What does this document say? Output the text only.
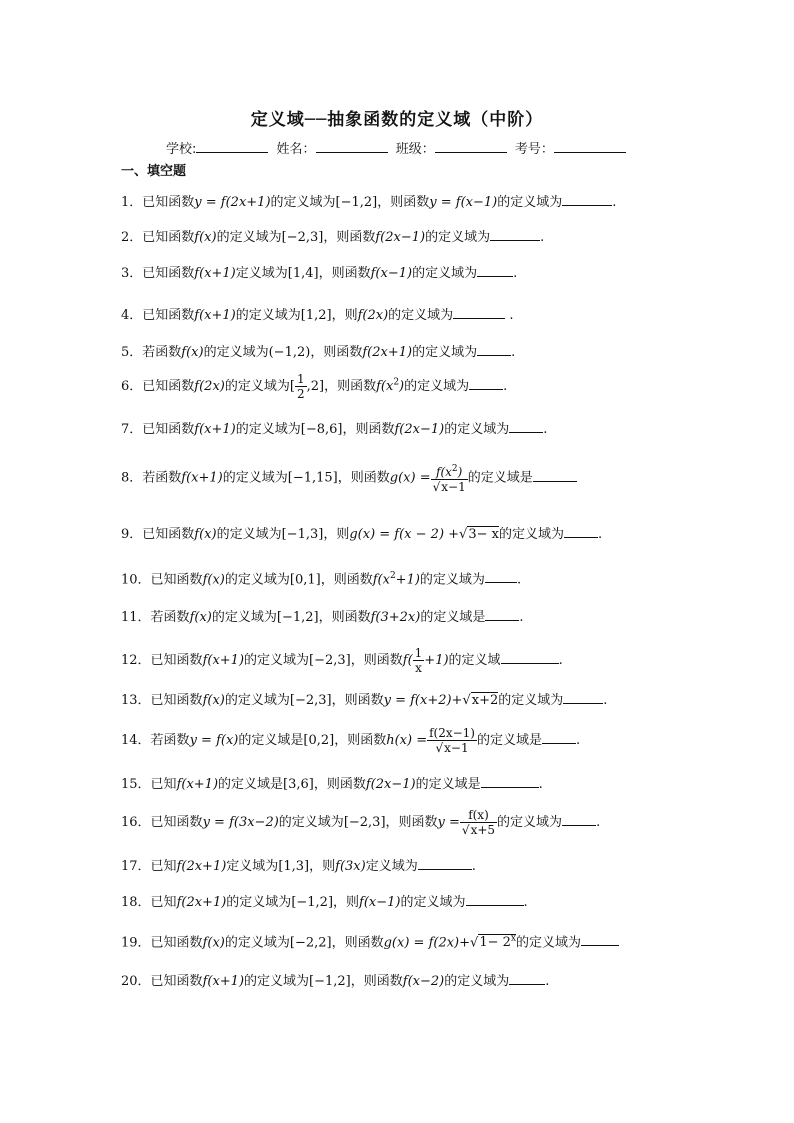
定义域──抽象函数的定义域（中阶）
学校:	姓名：	班级：	考号：
一、填空题
1．已知函数y = f(2x+1)的定义域为[−1,2]，则函数y = f(x−1)的定义域为	.
2．已知函数f(x)的定义域为[−2,3]，则函数f(2x−1)的定义域为	.
3．已知函数f(x+1)定义域为[1,4]，则函数f(x−1)的定义域为	.
4．已知函数f(x+1)的定义域为[1,2]，则f(2x)的定义域为	.
5．若函数f(x)的定义域为(−1,2)，则函数f(2x+1)的定义域为	.
6．已知函数f(2x)的定义域为[ $\frac{1}{2} ,2$]，则函数$f(x^2)$的定义域为	.
7．已知函数f(x+1)的定义域为[−8,6]，则函数f(2x−1)的定义域为	.
8．若函数f(x+1)的定义域为[−1,15]，则函数$g(x) = \frac{f(x^2)}{√x-1}$ 的定义域是
9．已知函数f(x)的定义域为[−1,3]，则g(x) = f(x − 2) +√3− x的定义域为	.
10．已知函数f(x)的定义域为[0,1]，则函数$f(x^2+1)$的定义域为 .
11．若函数f(x)的定义域为[−1,2]，则函数f(3+2x)的定义域是	.
12．已知函数f(x+1)的定义域为[−2,3]，则函数$f( \frac{1}{x} +1)$的定义域	.
13．已知函数f(x)的定义域为[−2,3]，则函数y = f(x+2)+√x+2的定义域为	.
14．若函数y = f(x)的定义域是[0,2]，则函数$h(x) = \frac{f(2x-1)}{√x-1}$ 的定义域是	.
15．已知f(x+1)的定义域是[3,6]，则函数f(2x−1)的定义域是	.
16．已知函数y = f(3x−2)的定义域为[−2,3]，则函数$y = \frac{f(x)}{√x+5}$ 的定义域为	.
17．已知f(2x+1)定义域为[1,3]，则f(3x)定义域为	.
18．已知f(2x+1)的定义域为[−1,2]，则f(x−1)的定义域为	.
19．已知函数f(x)的定义域为[−2,2]，则函数$g(x) = f(2x)+√1- 2^x$的定义域为
20．已知函数f(x+1)的定义域为[−1,2]，则函数f(x−2)的定义域为	.
